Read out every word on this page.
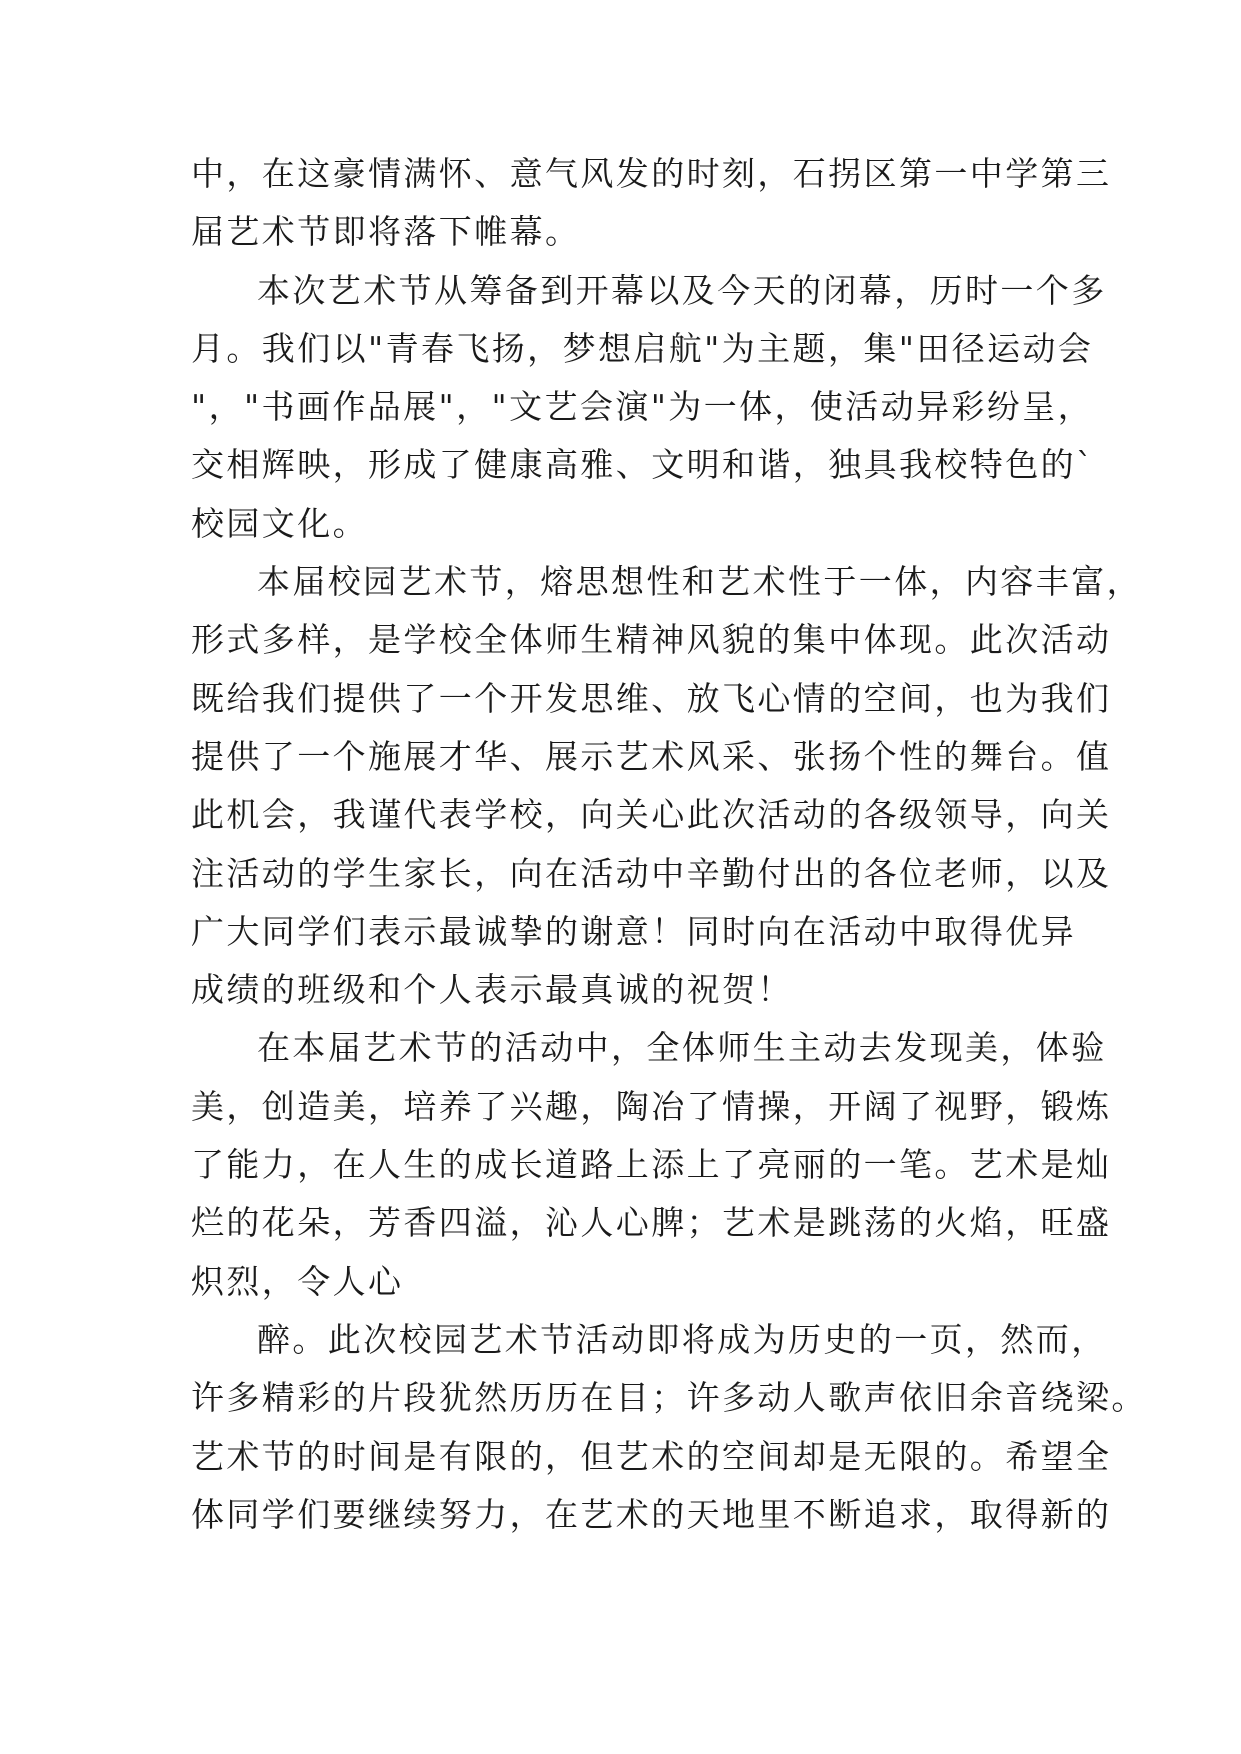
中，在这豪情满怀、意气风发的时刻，石拐区第一中学第三
届艺术节即将落下帷幕。
本次艺术节从筹备到开幕以及今天的闭幕，历时一个多
月。我们以"青春飞扬，梦想启航"为主题，集"田径运动会
"，"书画作品展"，"文艺会演"为一体，使活动异彩纷呈，
交相辉映，形成了健康高雅、文明和谐，独具我校特色的`
校园文化。
本届校园艺术节，熔思想性和艺术性于一体，内容丰富，
形式多样，是学校全体师生精神风貌的集中体现。此次活动
既给我们提供了一个开发思维、放飞心情的空间，也为我们
提供了一个施展才华、展示艺术风采、张扬个性的舞台。值
此机会，我谨代表学校，向关心此次活动的各级领导，向关
注活动的学生家长，向在活动中辛勤付出的各位老师，以及
广大同学们表示最诚挚的谢意！同时向在活动中取得优异
成绩的班级和个人表示最真诚的祝贺！
在本届艺术节的活动中，全体师生主动去发现美，体验
美，创造美，培养了兴趣，陶冶了情操，开阔了视野，锻炼
了能力，在人生的成长道路上添上了亮丽的一笔。艺术是灿
烂的花朵，芳香四溢，沁人心脾；艺术是跳荡的火焰，旺盛
炽烈，令人心
醉。此次校园艺术节活动即将成为历史的一页，然而，
许多精彩的片段犹然历历在目；许多动人歌声依旧余音绕梁。
艺术节的时间是有限的，但艺术的空间却是无限的。希望全
体同学们要继续努力，在艺术的天地里不断追求，取得新的
